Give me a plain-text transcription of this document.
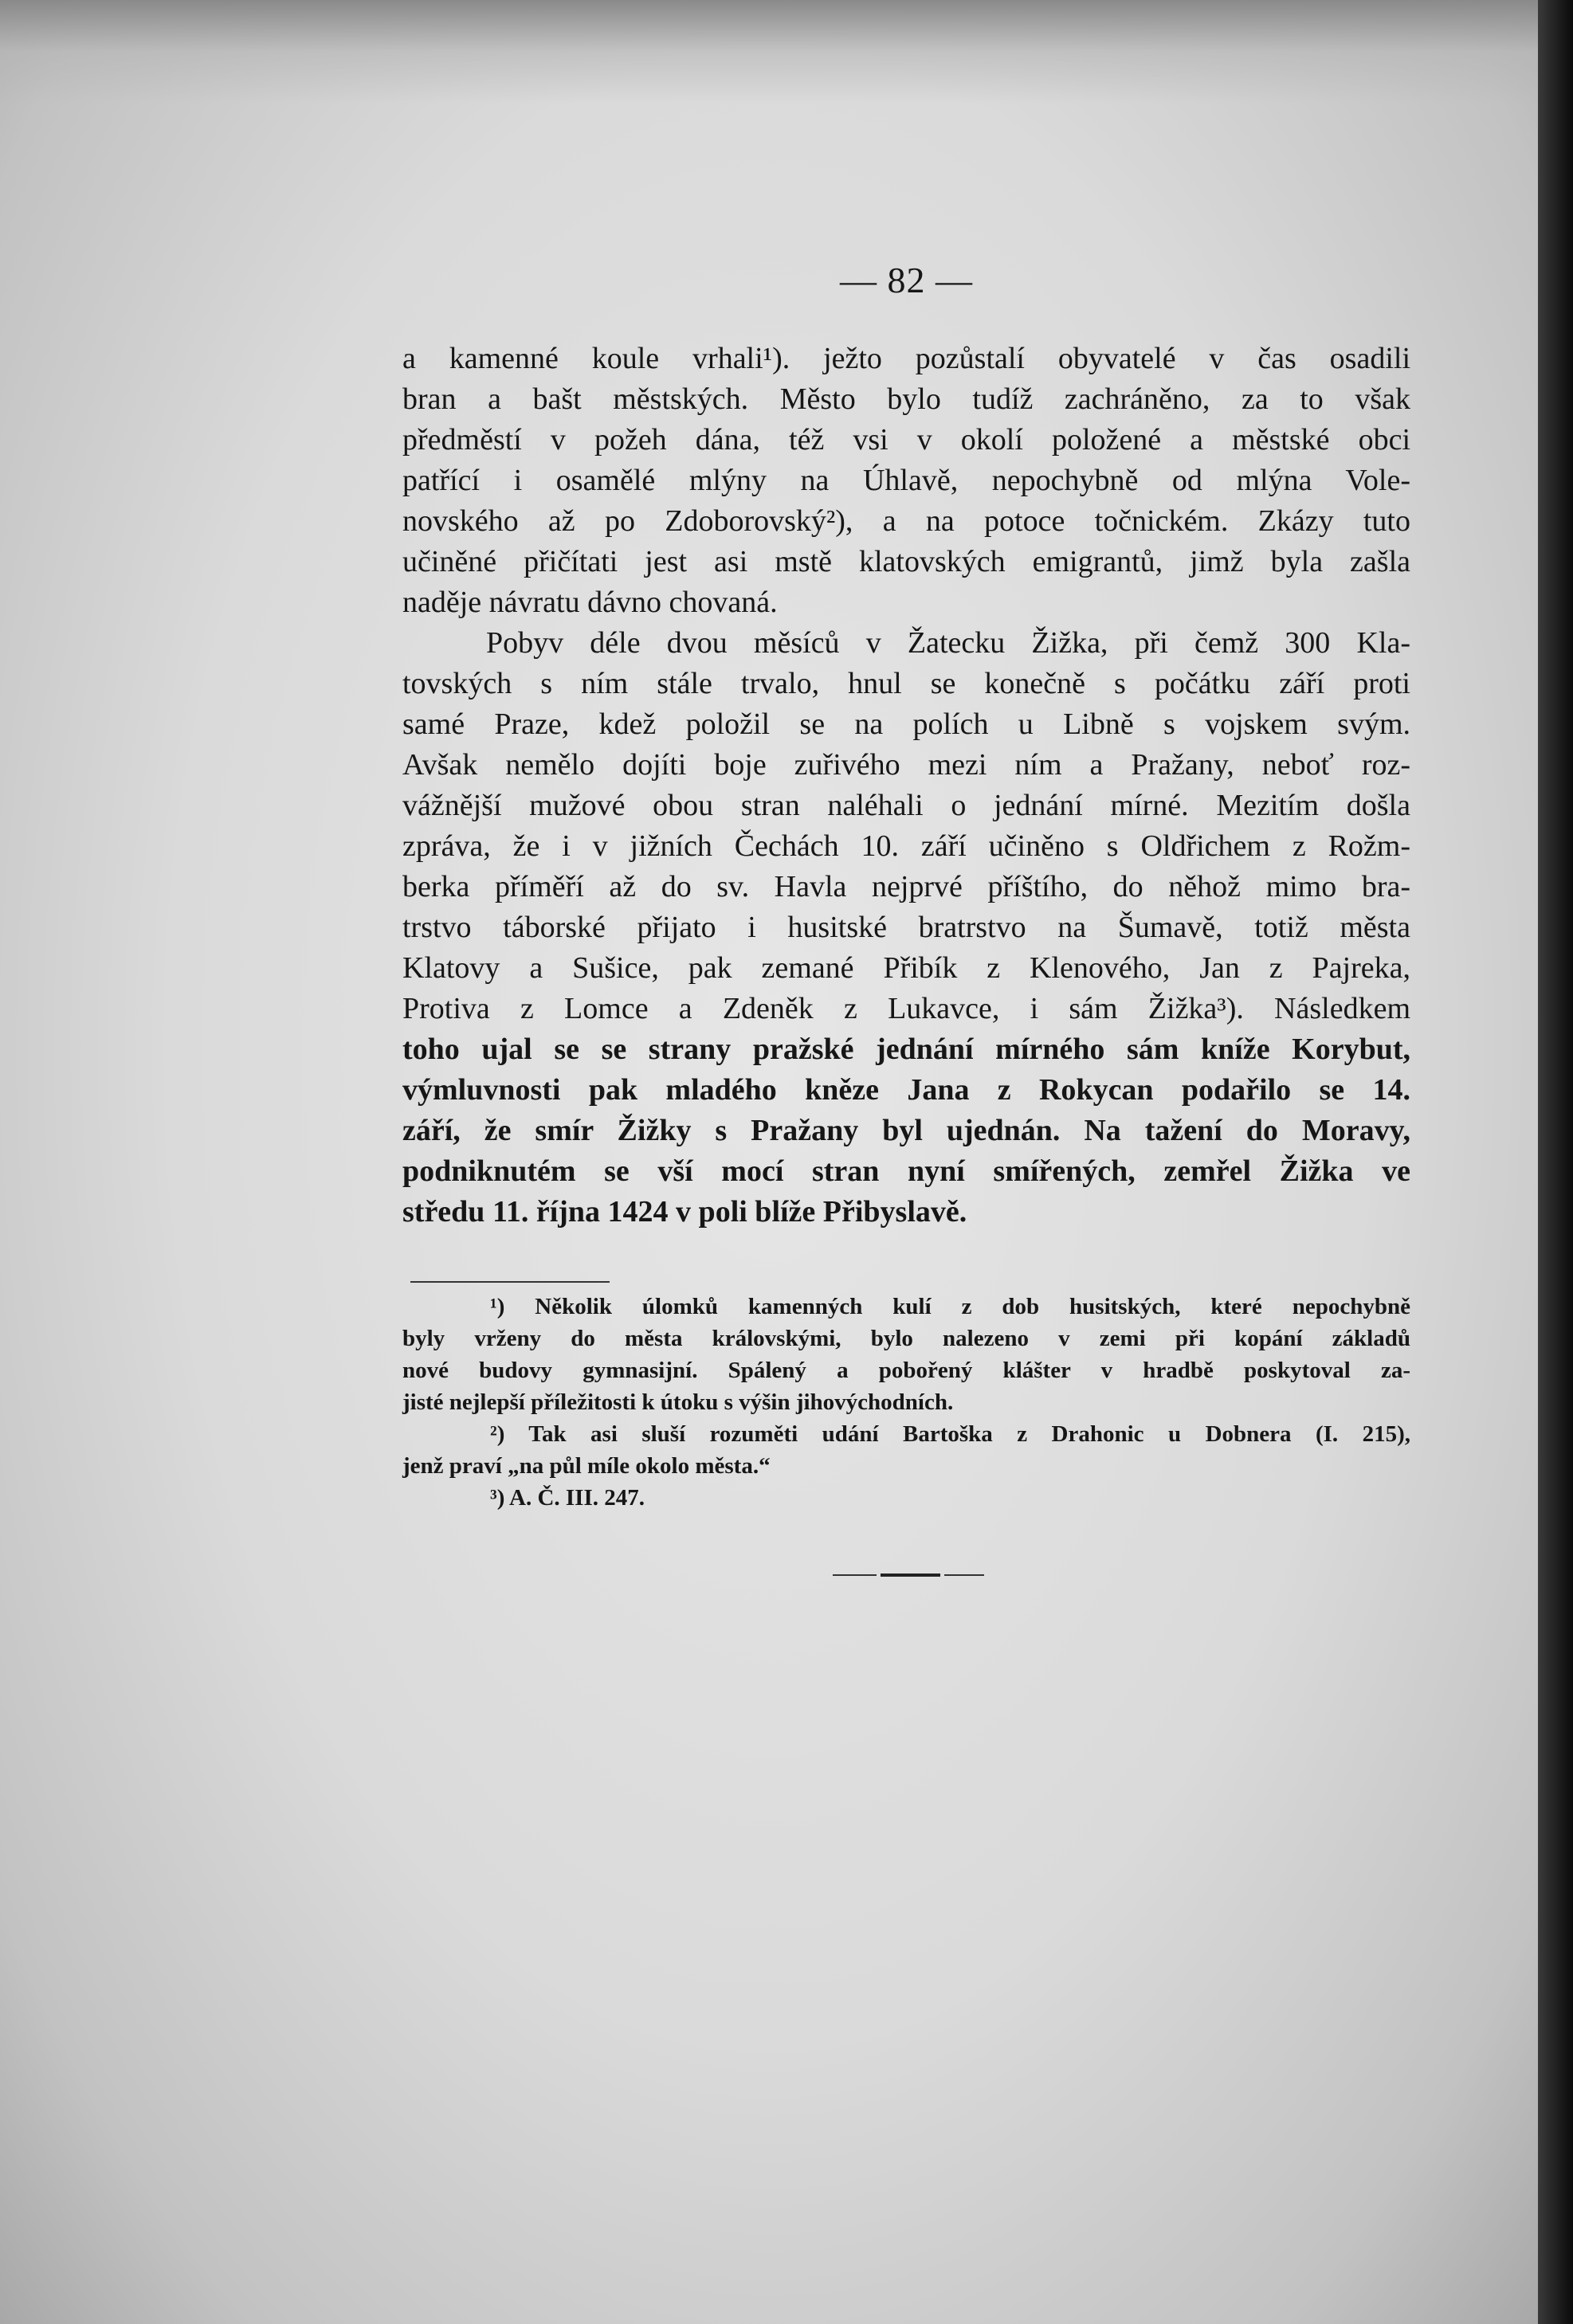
— 82 —
a kamenné koule vrhali¹). ježto pozůstalí obyvatelé v čas osadili
bran a bašt městských. Město bylo tudíž zachráněno, za to však
předměstí v požeh dána, též vsi v okolí položené a městské obci
patřící i osamělé mlýny na Úhlavě, nepochybně od mlýna Vole-
novského až po Zdoborovský²), a na potoce točnickém. Zkázy tuto
učiněné přičítati jest asi mstě klatovských emigrantů, jimž byla zašla
naděje návratu dávno chovaná.
Pobyv déle dvou měsíců v Žatecku Žižka, při čemž 300 Kla-
tovských s ním stále trvalo, hnul se konečně s počátku září proti
samé Praze, kdež položil se na polích u Libně s vojskem svým.
Avšak nemělo dojíti boje zuřivého mezi ním a Pražany, neboť roz-
vážnější mužové obou stran naléhali o jednání mírné. Mezitím došla
zpráva, že i v jižních Čechách 10. září učiněno s Oldřichem z Rožm-
berka příměří až do sv. Havla nejprvé příštího, do něhož mimo bra-
trstvo táborské přijato i husitské bratrstvo na Šumavě, totiž města
Klatovy a Sušice, pak zemané Přibík z Klenového, Jan z Pajreka,
Protiva z Lomce a Zdeněk z Lukavce, i sám Žižka³). Následkem
toho ujal se se strany pražské jednání mírného sám kníže Korybut,
výmluvnosti pak mladého kněze Jana z Rokycan podařilo se 14.
září, že smír Žižky s Pražany byl ujednán. Na tažení do Moravy,
podniknutém se vší mocí stran nyní smířených, zemřel Žižka ve
středu 11. října 1424 v poli blíže Přibyslavě.
¹) Několik úlomků kamenných kulí z dob husitských, které nepochybně
byly vrženy do města královskými, bylo nalezeno v zemi při kopání základů
nové budovy gymnasijní. Spálený a pobořený klášter v hradbě poskytoval za-
jisté nejlepší příležitosti k útoku s výšin jihovýchodních.
²) Tak asi sluší rozuměti udání Bartoška z Drahonic u Dobnera (I. 215),
jenž praví „na půl míle okolo města.“
³) A. Č. III. 247.
